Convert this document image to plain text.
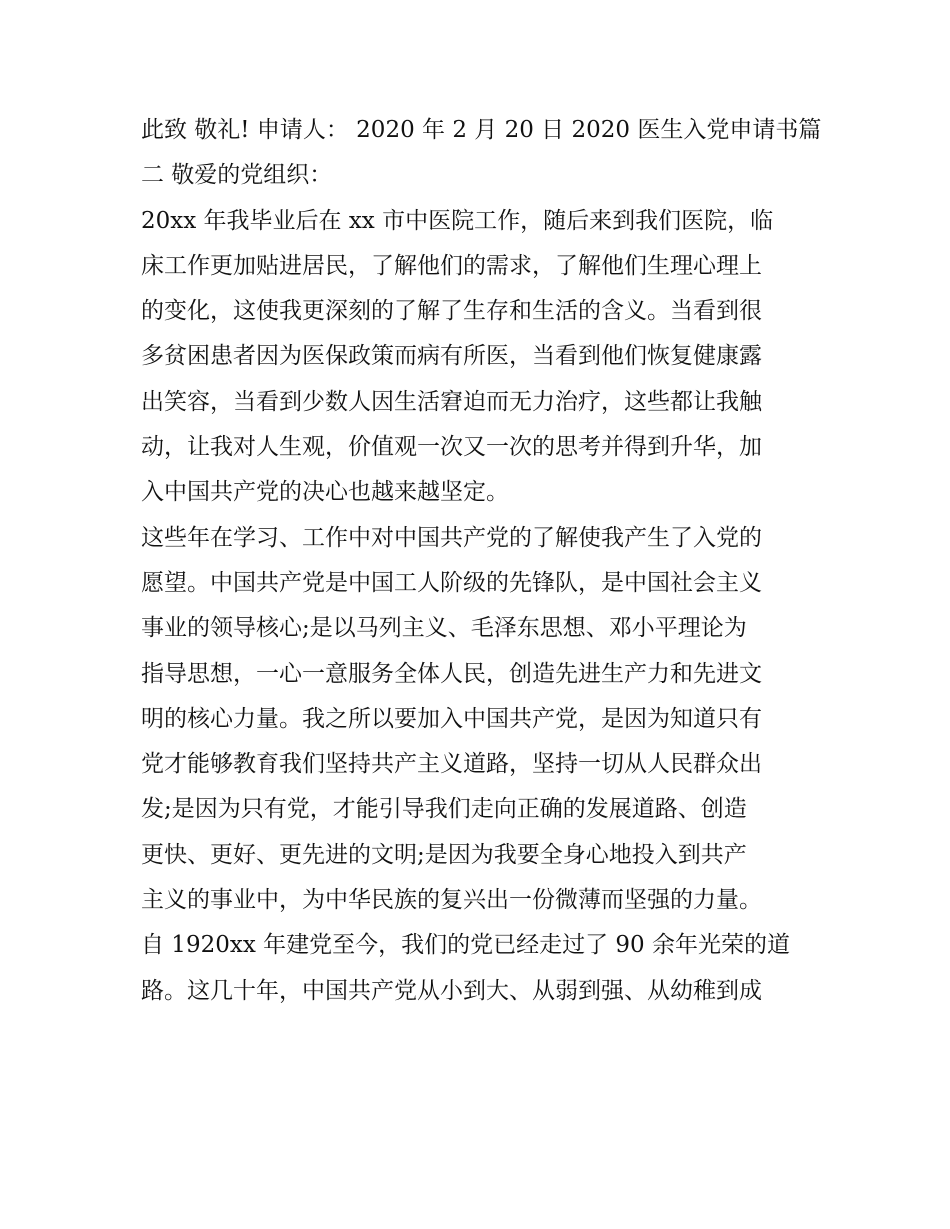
此致 敬礼! 申请人： 2020 年 2 月 20 日 2020 医生入党申请书篇
二 敬爱的党组织：
20xx 年我毕业后在 xx 市中医院工作，随后来到我们医院，临
床工作更加贴进居民，了解他们的需求，了解他们生理心理上
的变化，这使我更深刻的了解了生存和生活的含义。当看到很
多贫困患者因为医保政策而病有所医，当看到他们恢复健康露
出笑容，当看到少数人因生活窘迫而无力治疗，这些都让我触
动，让我对人生观，价值观一次又一次的思考并得到升华，加
入中国共产党的决心也越来越坚定。
这些年在学习、工作中对中国共产党的了解使我产生了入党的
愿望。中国共产党是中国工人阶级的先锋队，是中国社会主义
事业的领导核心;是以马列主义、毛泽东思想、邓小平理论为
指导思想，一心一意服务全体人民，创造先进生产力和先进文
明的核心力量。我之所以要加入中国共产党，是因为知道只有
党才能够教育我们坚持共产主义道路，坚持一切从人民群众出
发;是因为只有党，才能引导我们走向正确的发展道路、创造
更快、更好、更先进的文明;是因为我要全身心地投入到共产
主义的事业中，为中华民族的复兴出一份微薄而坚强的力量。
自 1920xx 年建党至今，我们的党已经走过了 90 余年光荣的道
路。这几十年，中国共产党从小到大、从弱到强、从幼稚到成
